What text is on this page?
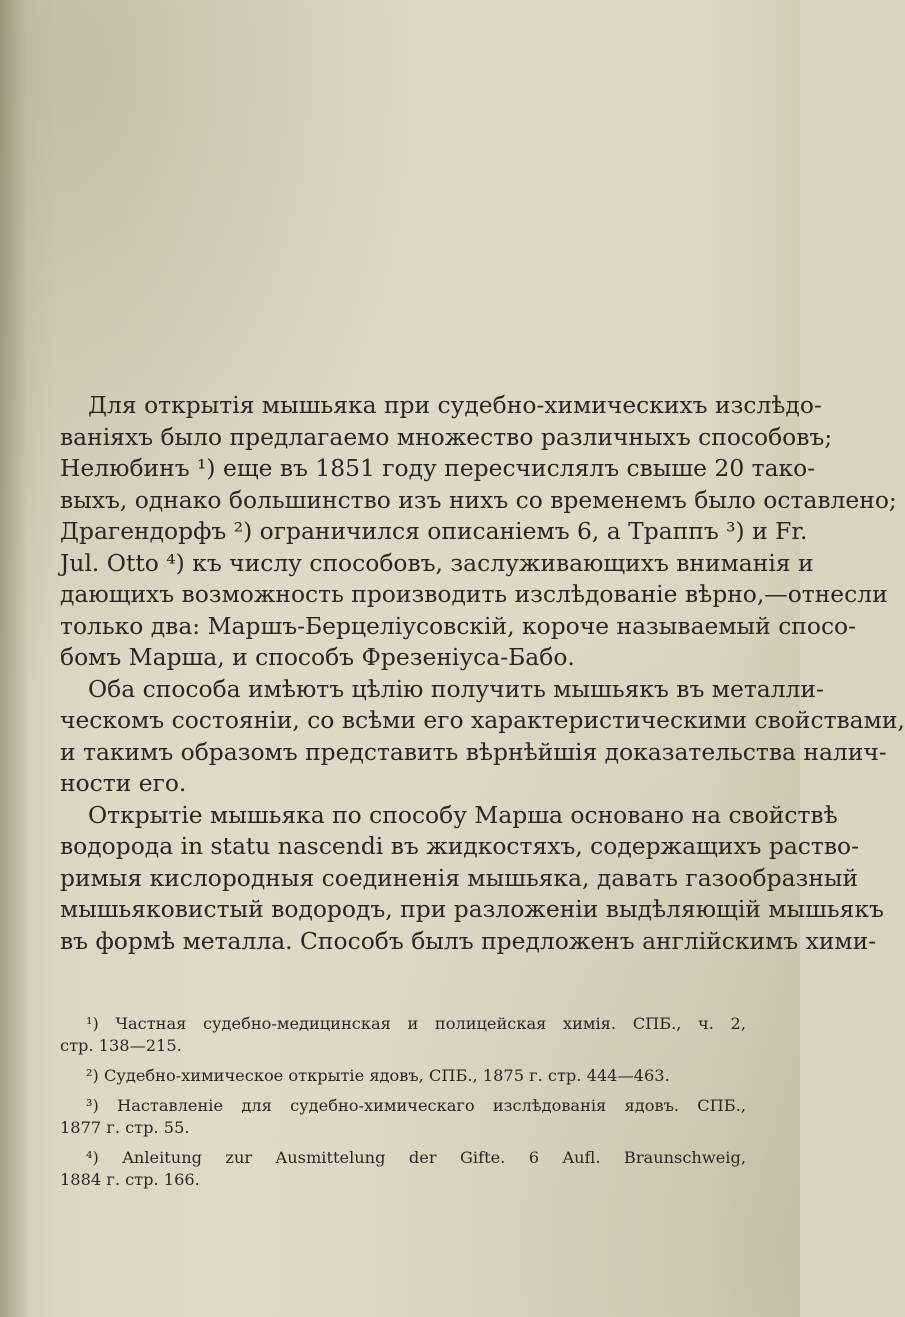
Для открытія мышьяка при судебно-химическихъ изслѣдо-
ваніяхъ было предлагаемо множество различныхъ способовъ;
Нелюбинъ ¹) еще въ 1851 году пересчислялъ свыше 20 тако-
выхъ, однако большинство изъ нихъ со временемъ было оставлено;
Драгендорфъ ²) ограничился описаніемъ 6, а Траппъ ³) и Fr.
Jul. Otto ⁴) къ числу способовъ, заслуживающихъ вниманія и
дающихъ возможность производить изслѣдованіе вѣрно,—отнесли
только два: Маршъ-Берцеліусовскій, короче называемый спосо-
бомъ Марша, и способъ Фрезеніуса-Бабо.
Оба способа имѣютъ цѣлію получить мышьякъ въ металли-
ческомъ состояніи, со всѣми его характеристическими свойствами,
и такимъ образомъ представить вѣрнѣйшія доказательства налич-
ности его.
Открытіе мышьяка по способу Марша основано на свойствѣ
водорода in statu nascendi въ жидкостяхъ, содержащихъ раство-
римыя кислородныя соединенія мышьяка, давать газообразный
мышьяковистый водородъ, при разложеніи выдѣляющій мышьякъ
въ формѣ металла. Способъ былъ предложенъ англійскимъ хими-
¹) Частная судебно-медицинская и полицейская химія. СПБ., ч. 2,
стр. 138—215.
²) Судебно-химическое открытіе ядовъ, СПБ., 1875 г. стр. 444—463.
³) Наставленіе для судебно-химическаго изслѣдованія ядовъ. СПБ.,
1877 г. стр. 55.
⁴) Anleitung zur Ausmittelung der Gifte. 6 Aufl. Braunschweig,
1884 г. стр. 166.
